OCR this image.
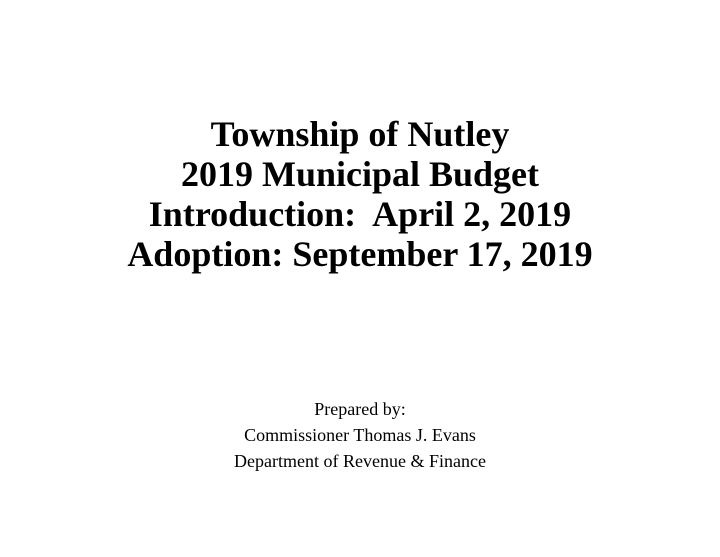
Township of Nutley
2019 Municipal Budget
Introduction:  April 2, 2019
Adoption: September 17, 2019
Prepared by:
Commissioner Thomas J. Evans
Department of Revenue & Finance
